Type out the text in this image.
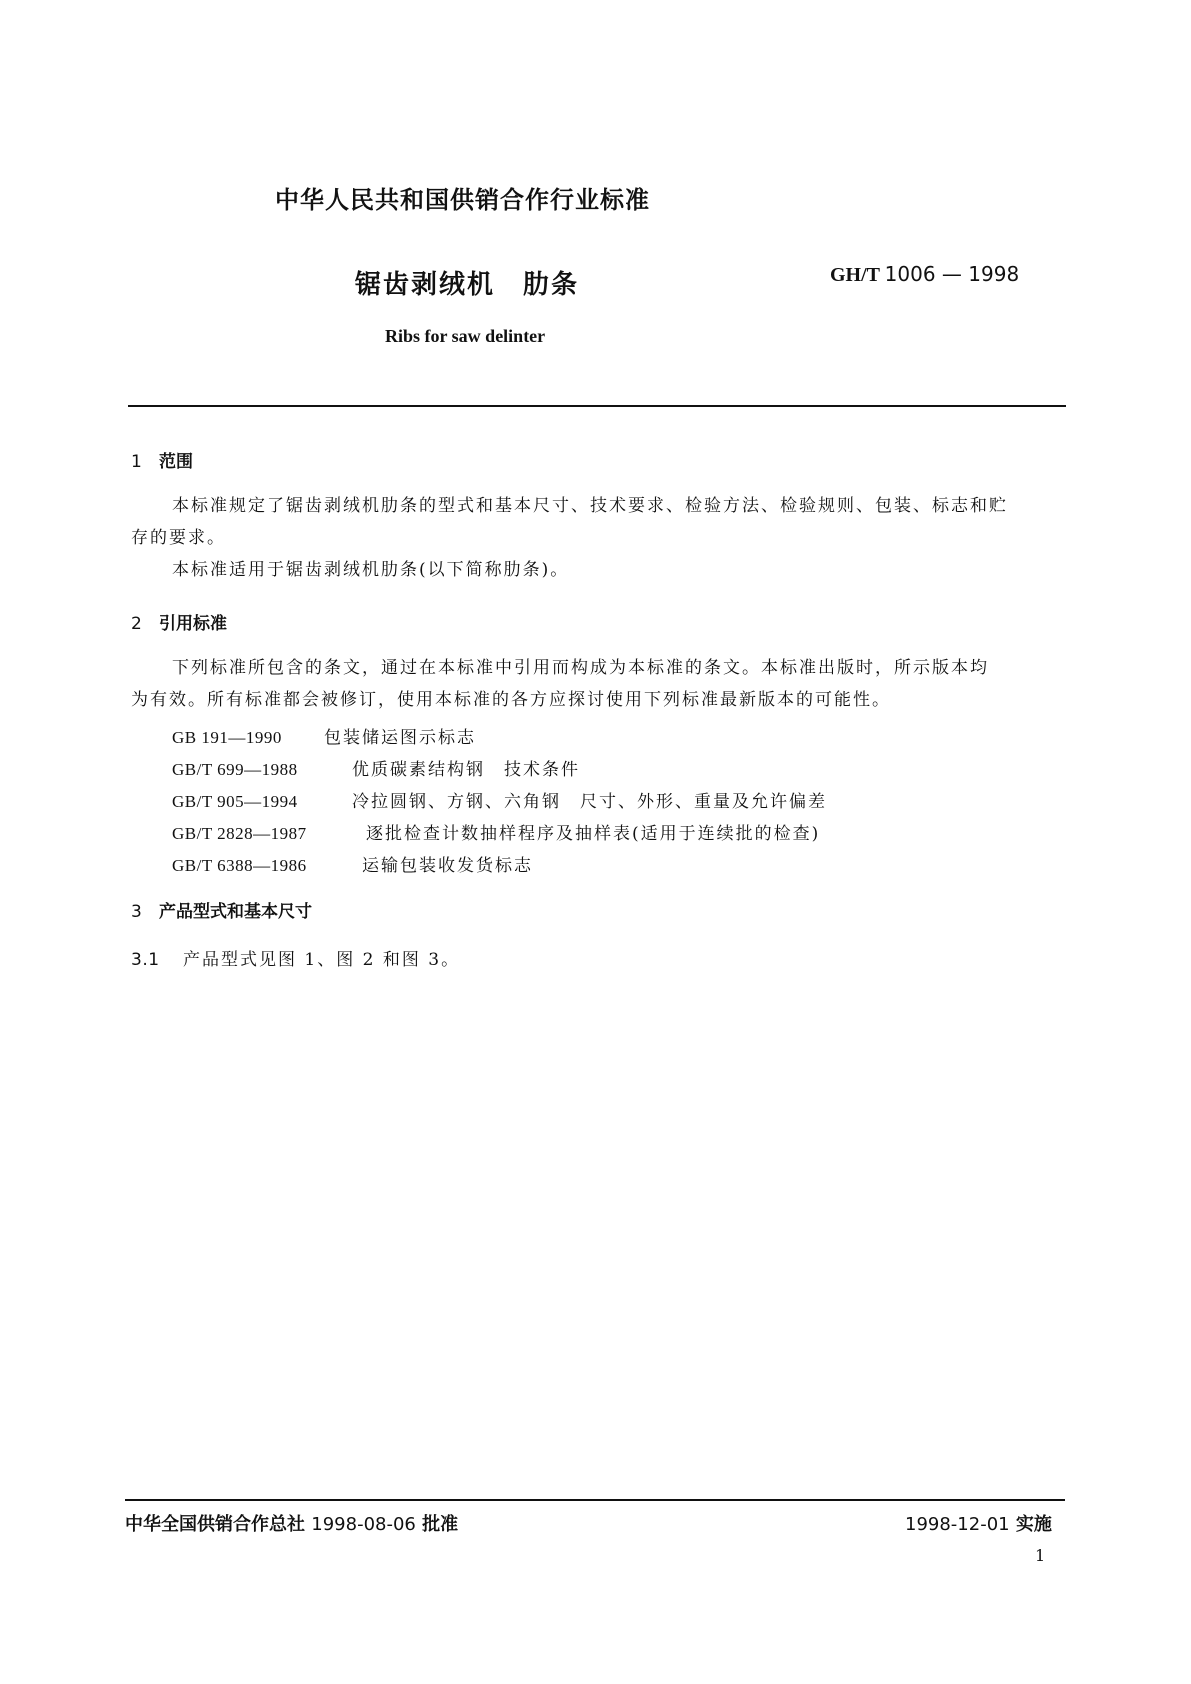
中华人民共和国供销合作行业标准
锯齿剥绒机　肋条	GH/T 1006 — 1998
Ribs for saw delinter
1 范围
本标准规定了锯齿剥绒机肋条的型式和基本尺寸、技术要求、检验方法、检验规则、包装、标志和贮
存的要求。
本标准适用于锯齿剥绒机肋条(以下简称肋条)。
2 引用标准
下列标准所包含的条文，通过在本标准中引用而构成为本标准的条文。本标准出版时，所示版本均
为有效。所有标准都会被修订，使用本标准的各方应探讨使用下列标准最新版本的可能性。
GB 191—1990 包装储运图示标志
GB/T 699—1988	优质碳素结构钢　技术条件
GB/T 905—1994	冷拉圆钢、方钢、六角钢　尺寸、外形、重量及允许偏差
GB/T 2828—1987	逐批检查计数抽样程序及抽样表(适用于连续批的检查)
GB/T 6388—1986	运输包装收发货标志
3 产品型式和基本尺寸
3.1 产品型式见图 1、图 2 和图 3。
中华全国供销合作总社 1998-08-06 批准	1998-12-01 实施
1
